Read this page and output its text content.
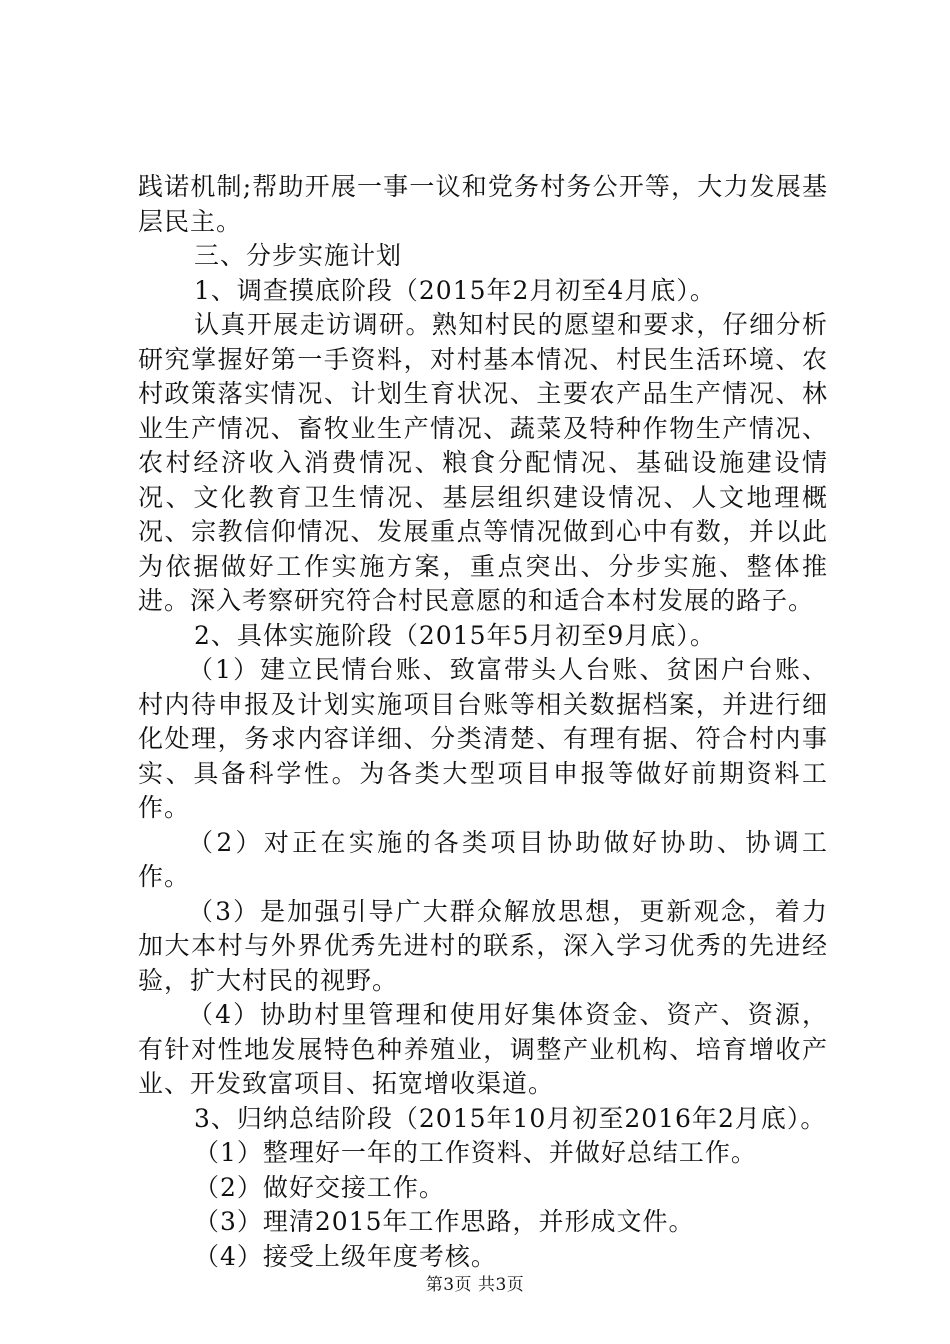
践诺机制;帮助开展一事一议和党务村务公开等，大力发展基层民主。

三、分步实施计划

1、调查摸底阶段（2015年2月初至4月底）。

认真开展走访调研。熟知村民的愿望和要求，仔细分析研究掌握好第一手资料，对村基本情况、村民生活环境、农村政策落实情况、计划生育状况、主要农产品生产情况、林业生产情况、畜牧业生产情况、蔬菜及特种作物生产情况、农村经济收入消费情况、粮食分配情况、基础设施建设情况、文化教育卫生情况、基层组织建设情况、人文地理概况、宗教信仰情况、发展重点等情况做到心中有数，并以此为依据做好工作实施方案，重点突出、分步实施、整体推进。深入考察研究符合村民意愿的和适合本村发展的路子。

2、具体实施阶段（2015年5月初至9月底）。

（1）建立民情台账、致富带头人台账、贫困户台账、村内待申报及计划实施项目台账等相关数据档案，并进行细化处理，务求内容详细、分类清楚、有理有据、符合村内事实、具备科学性。为各类大型项目申报等做好前期资料工作。

（2）对正在实施的各类项目协助做好协助、协调工作。

（3）是加强引导广大群众解放思想，更新观念，着力加大本村与外界优秀先进村的联系，深入学习优秀的先进经验，扩大村民的视野。

（4）协助村里管理和使用好集体资金、资产、资源，有针对性地发展特色种养殖业，调整产业机构、培育增收产业、开发致富项目、拓宽增收渠道。

3、归纳总结阶段（2015年10月初至2016年2月底）。

（1）整理好一年的工作资料、并做好总结工作。

（2）做好交接工作。

（3）理清2015年工作思路，并形成文件。

（4）接受上级年度考核。

第3页 共3页
